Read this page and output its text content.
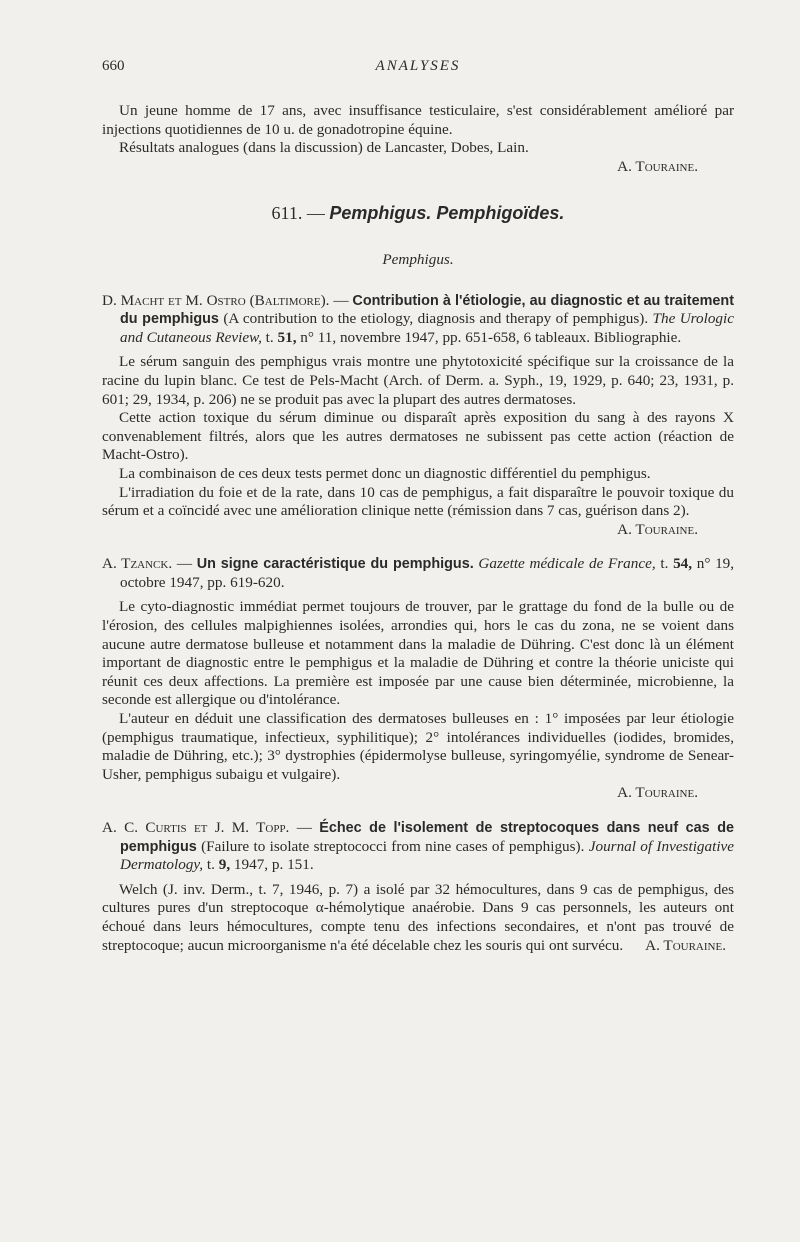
660	ANALYSES

Un jeune homme de 17 ans, avec insuffisance testiculaire, s'est considérablement amélioré par injections quotidiennes de 10 u. de gonadotropine équine.

Résultats analogues (dans la discussion) de Lancaster, Dobes, Lain.

A. Touraine.

611. — Pemphigus. Pemphigoïdes.

Pemphigus.

D. Macht et M. Ostro (Baltimore). — Contribution à l'étiologie, au diagnostic et au traitement du pemphigus (A contribution to the etiology, diagnosis and therapy of pemphigus). The Urologic and Cutaneous Review, t. 51, n° 11, novembre 1947, pp. 651-658, 6 tableaux. Bibliographie.

Le sérum sanguin des pemphigus vrais montre une phytotoxicité spécifique sur la croissance de la racine du lupin blanc. Ce test de Pels-Macht (Arch. of Derm. a. Syph., 19, 1929, p. 640; 23, 1931, p. 601; 29, 1934, p. 206) ne se produit pas avec la plupart des autres dermatoses.

Cette action toxique du sérum diminue ou disparaît après exposition du sang à des rayons X convenablement filtrés, alors que les autres dermatoses ne subissent pas cette action (réaction de Macht-Ostro).

La combinaison de ces deux tests permet donc un diagnostic différentiel du pemphigus.

L'irradiation du foie et de la rate, dans 10 cas de pemphigus, a fait disparaître le pouvoir toxique du sérum et a coïncidé avec une amélioration clinique nette (rémission dans 7 cas, guérison dans 2).

A. Touraine.

A. Tzanck. — Un signe caractéristique du pemphigus. Gazette médicale de France, t. 54, n° 19, octobre 1947, pp. 619-620.

Le cyto-diagnostic immédiat permet toujours de trouver, par le grattage du fond de la bulle ou de l'érosion, des cellules malpighiennes isolées, arrondies qui, hors le cas du zona, ne se voient dans aucune autre dermatose bulleuse et notamment dans la maladie de Dühring. C'est donc là un élément important de diagnostic entre le pemphigus et la maladie de Dühring et contre la théorie uniciste qui réunit ces deux affections. La première est imposée par une cause bien déterminée, microbienne, la seconde est allergique ou d'intolérance.

L'auteur en déduit une classification des dermatoses bulleuses en : 1° imposées par leur étiologie (pemphigus traumatique, infectieux, syphilitique); 2° intolérances individuelles (iodides, bromides, maladie de Dühring, etc.); 3° dystrophies (épidermolyse bulleuse, syringomyélie, syndrome de Senear-Usher, pemphigus subaigu et vulgaire).

A. Touraine.

A. C. Curtis et J. M. Topp. — Échec de l'isolement de streptocoques dans neuf cas de pemphigus (Failure to isolate streptococci from nine cases of pemphigus). Journal of Investigative Dermatology, t. 9, 1947, p. 151.

Welch (J. inv. Derm., t. 7, 1946, p. 7) a isolé par 32 hémocultures, dans 9 cas de pemphigus, des cultures pures d'un streptocoque α-hémolytique anaérobie. Dans 9 cas personnels, les auteurs ont échoué dans leurs hémocultures, compte tenu des infections secondaires, et n'ont pas trouvé de streptocoque; aucun microorganisme n'a été décelable chez les souris qui ont survécu.	A. Touraine.
